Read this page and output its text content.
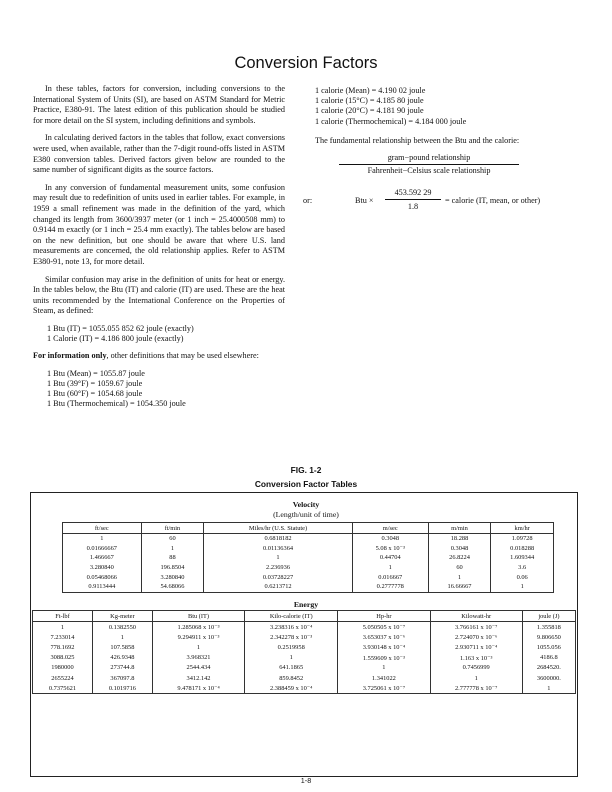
Conversion Factors

In these tables, factors for conversion, including conversions to the International System of Units (SI), are based on ASTM Standard for Metric Practice, E380-91. The latest edition of this publication should be studied for more detail on the SI system, including definitions and symbols.

In calculating derived factors in the tables that follow, exact conversions were used, when available, rather than the 7-digit round-offs listed in ASTM E380 conversion tables. Derived factors given below are rounded to the same number of significant digits as the source factors.

In any conversion of fundamental measurement units, some confusion may result due to redefinition of units used in earlier tables. For example, in 1959 a small refinement was made in the definition of the yard, which changed its length from 3600/3937 meter (or 1 inch = 25.4000508 mm) to 0.9144 m exactly (or 1 inch = 25.4 mm exactly). The tables below are based on the new definition, but one should be aware that where U.S. land measurements are concerned, the old relationship applies. Refer to ASTM E380-91, note 13, for more detail.

Similar confusion may arise in the definition of units for heat or energy. In the tables below, the Btu (IT) and calorie (IT) are used. These are the heat units recommended by the International Conference on the Properties of Steam, as defined:

1 Btu (IT) = 1055.055 852 62 joule (exactly)
1 Calorie (IT) = 4.186 800 joule (exactly)

For information only, other definitions that may be used elsewhere:

1 Btu (Mean) = 1055.87 joule
1 Btu (39°F) = 1059.67 joule
1 Btu (60°F) = 1054.68 joule
1 Btu (Thermochemical) = 1054.350 joule
1 calorie (Mean) = 4.190 02 joule
1 calorie (15°C) = 4.185 80 joule
1 calorie (20°C) = 4.181 90 joule
1 calorie (Thermochemical) = 4.184 000 joule

The fundamental relationship between the Btu and the calorie:

gram−pound relationship
Fahrenheit−Celsius scale relationship
or:	Btu ×
453.592 29
1.8
= calorie (IT, mean, or other)
FIG. 1-2
Conversion Factor Tables
Velocity
(Length/unit of time)
ft/sec	ft/min	Miles/hr (U.S. Statute)	m/sec	m/min	km/hr
1	60	0.6818182	0.3048	18.288	1.09728
0.01666667	1	0.01136364	5.08 x 10⁻³	0.3048	0.018288
1.466667	88	1	0.44704	26.8224	1.609344
3.280840	196.8504	2.236936	1	60	3.6
0.05468066	3.280840	0.03728227	0.016667	1	0.06
0.9113444	54.68066	0.6213712	0.2777778	16.66667	1
Energy
Ft-lbf	Kg-meter	Btu (IT)	Kilo-calorie (IT)	Hp-hr	Kilowatt-hr	joule (J)
1	0.1382550	1.285068 x 10⁻³	3.238316 x 10⁻⁴	5.050505 x 10⁻⁷	3.766161 x 10⁻⁷	1.355818
7.233014	1	9.294911 x 10⁻³	2.342278 x 10⁻³	3.653037 x 10⁻⁶	2.724070 x 10⁻⁶	9.806650
778.1692	107.5858	1	0.2519958	3.930148 x 10⁻⁴	2.930711 x 10⁻⁴	1055.056
3088.025	426.9348	3.968321	1	1.559609 x 10⁻³	1.163 x 10⁻³	4186.8
1980000	273744.8	2544.434	641.1865	1	0.7456999	2684520.
2655224	367097.8	3412.142	859.8452	1.341022	1	3600000.
0.7375621	0.1019716	9.478171 x 10⁻⁴	2.388459 x 10⁻⁴	3.725061 x 10⁻⁷	2.777778 x 10⁻⁷	1
1-8
